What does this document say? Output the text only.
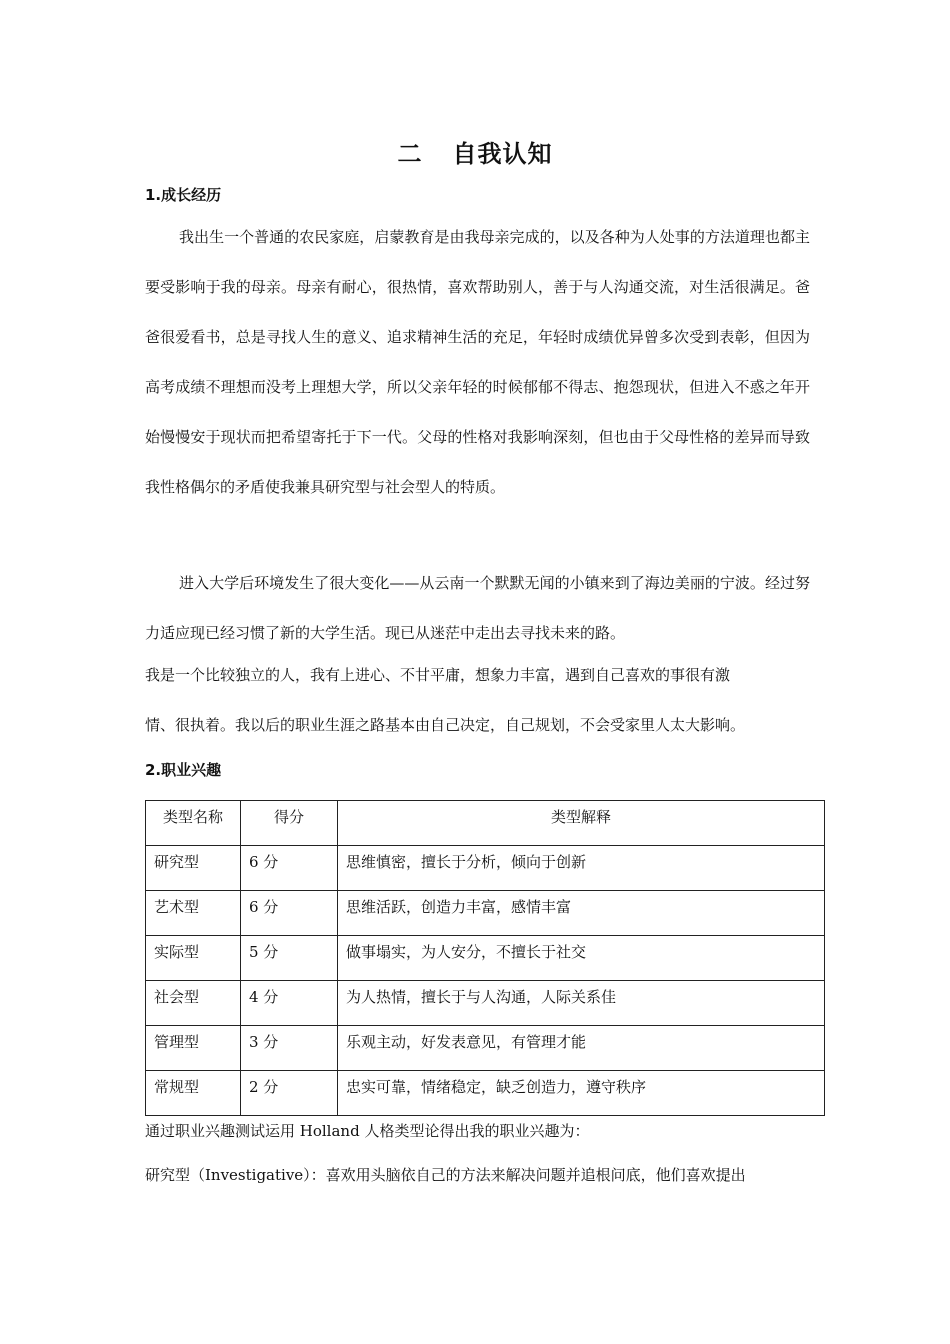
二 自我认知
1.成长经历

我出生一个普通的农民家庭，启蒙教育是由我母亲完成的，以及各种为人处事的方法道理也都主要受影响于我的母亲。母亲有耐心，很热情，喜欢帮助别人，善于与人沟通交流，对生活很满足。爸爸很爱看书，总是寻找人生的意义、追求精神生活的充足，年轻时成绩优异曾多次受到表彰，但因为高考成绩不理想而没考上理想大学，所以父亲年轻的时候郁郁不得志、抱怨现状，但进入不惑之年开始慢慢安于现状而把希望寄托于下一代。父母的性格对我影响深刻，但也由于父母性格的差异而导致我性格偶尔的矛盾使我兼具研究型与社会型人的特质。

进入大学后环境发生了很大变化——从云南一个默默无闻的小镇来到了海边美丽的宁波。经过努力适应现已经习惯了新的大学生活。现已从迷茫中走出去寻找未来的路。

我是一个比较独立的人，我有上进心、不甘平庸，想象力丰富，遇到自己喜欢的事很有激

情、很执着。我以后的职业生涯之路基本由自己决定，自己规划，不会受家里人太大影响。

2.职业兴趣
类型名称	得分	类型解释
研究型	6 分	思维慎密，擅长于分析，倾向于创新
艺术型	6 分	思维活跃，创造力丰富，感情丰富
实际型	5 分	做事塌实，为人安分，不擅长于社交
社会型	4 分	为人热情，擅长于与人沟通，人际关系佳
管理型	3 分	乐观主动，好发表意见，有管理才能
常规型	2 分	忠实可靠，情绪稳定，缺乏创造力，遵守秩序

通过职业兴趣测试运用 Holland 人格类型论得出我的职业兴趣为：

研究型（Investigative）：喜欢用头脑依自己的方法来解决问题并追根问底，他们喜欢提出
